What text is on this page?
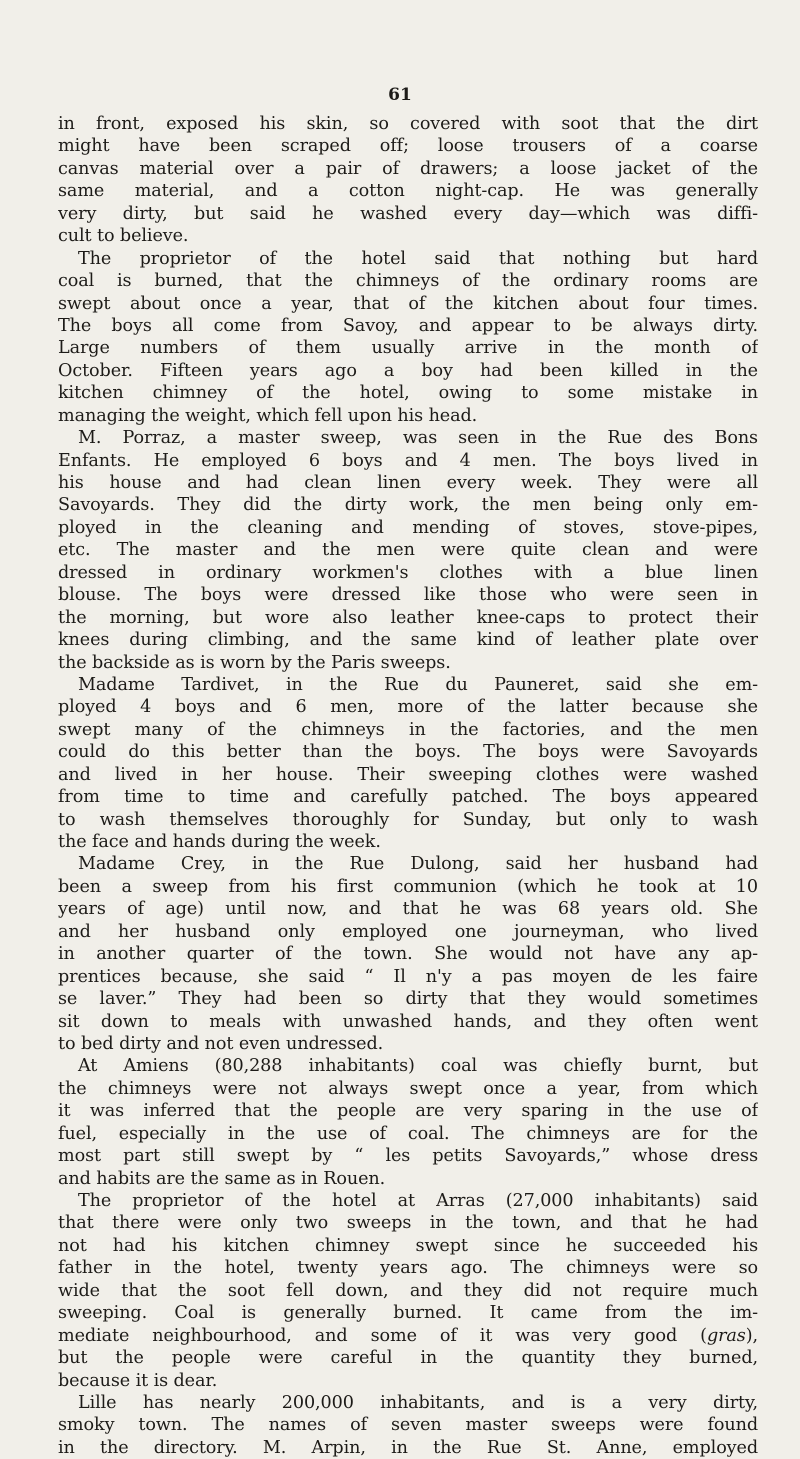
61
in front, exposed his skin, so covered with soot that the dirt
might have been scraped off; loose trousers of a coarse
canvas material over a pair of drawers; a loose jacket of the
same material, and a cotton night-cap. He was generally
very dirty, but said he washed every day—which was diffi-
cult to believe.
The proprietor of the hotel said that nothing but hard
coal is burned, that the chimneys of the ordinary rooms are
swept about once a year, that of the kitchen about four times.
The boys all come from Savoy, and appear to be always dirty.
Large numbers of them usually arrive in the month of
October. Fifteen years ago a boy had been killed in the
kitchen chimney of the hotel, owing to some mistake in
managing the weight, which fell upon his head.
M. Porraz, a master sweep, was seen in the Rue des Bons
Enfants. He employed 6 boys and 4 men. The boys lived in
his house and had clean linen every week. They were all
Savoyards. They did the dirty work, the men being only em-
ployed in the cleaning and mending of stoves, stove-pipes,
etc. The master and the men were quite clean and were
dressed in ordinary workmen's clothes with a blue linen
blouse. The boys were dressed like those who were seen in
the morning, but wore also leather knee-caps to protect their
knees during climbing, and the same kind of leather plate over
the backside as is worn by the Paris sweeps.
Madame Tardivet, in the Rue du Pauneret, said she em-
ployed 4 boys and 6 men, more of the latter because she
swept many of the chimneys in the factories, and the men
could do this better than the boys. The boys were Savoyards
and lived in her house. Their sweeping clothes were washed
from time to time and carefully patched. The boys appeared
to wash themselves thoroughly for Sunday, but only to wash
the face and hands during the week.
Madame Crey, in the Rue Dulong, said her husband had
been a sweep from his first communion (which he took at 10
years of age) until now, and that he was 68 years old. She
and her husband only employed one journeyman, who lived
in another quarter of the town. She would not have any ap-
prentices because, she said “ Il n'y a pas moyen de les faire
se laver.” They had been so dirty that they would sometimes
sit down to meals with unwashed hands, and they often went
to bed dirty and not even undressed.
At Amiens (80,288 inhabitants) coal was chiefly burnt, but
the chimneys were not always swept once a year, from which
it was inferred that the people are very sparing in the use of
fuel, especially in the use of coal. The chimneys are for the
most part still swept by “ les petits Savoyards,” whose dress
and habits are the same as in Rouen.
The proprietor of the hotel at Arras (27,000 inhabitants) said
that there were only two sweeps in the town, and that he had
not had his kitchen chimney swept since he succeeded his
father in the hotel, twenty years ago. The chimneys were so
wide that the soot fell down, and they did not require much
sweeping. Coal is generally burned. It came from the im-
mediate neighbourhood, and some of it was very good (gras),
but the people were careful in the quantity they burned,
because it is dear.
Lille has nearly 200,000 inhabitants, and is a very dirty,
smoky town. The names of seven master sweeps were found
in the directory. M. Arpin, in the Rue St. Anne, employed
